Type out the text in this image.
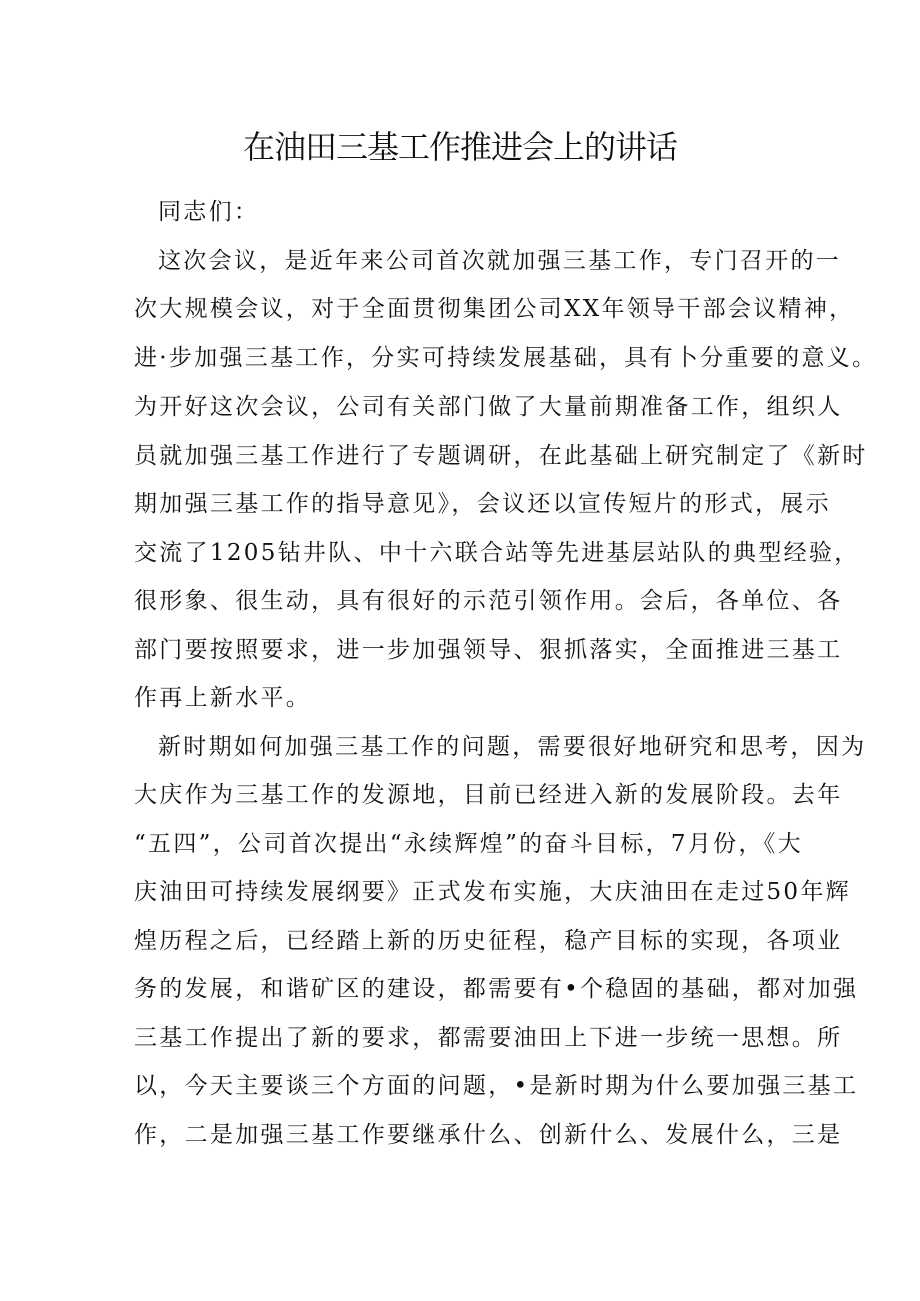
在油田三基工作推进会上的讲话
同志们：
这次会议，是近年来公司首次就加强三基工作，专门召开的一
次大规模会议，对于全面贯彻集团公司XX年领导干部会议精神，
进·步加强三基工作，分实可持续发展基础，具有卜分重要的意义。
为开好这次会议，公司有关部门做了大量前期准备工作，组织人
员就加强三基工作进行了专题调研，在此基础上研究制定了《新时
期加强三基工作的指导意见》，会议还以宣传短片的形式，展示
交流了1205钻井队、中十六联合站等先进基层站队的典型经验，
很形象、很生动，具有很好的示范引领作用。会后，各单位、各
部门要按照要求，进一步加强领导、狠抓落实，全面推进三基工
作再上新水平。
新时期如何加强三基工作的问题，需要很好地研究和思考，因为
大庆作为三基工作的发源地，目前已经进入新的发展阶段。去年
“五四”，公司首次提出“永续辉煌”的奋斗目标，7月份，《大
庆油田可持续发展纲要》正式发布实施，大庆油田在走过50年辉
煌历程之后，已经踏上新的历史征程，稳产目标的实现，各项业
务的发展，和谐矿区的建设，都需要有•个稳固的基础，都对加强
三基工作提出了新的要求，都需要油田上下进一步统一思想。所
以，今天主要谈三个方面的问题，•是新时期为什么要加强三基工
作，二是加强三基工作要继承什么、创新什么、发展什么，三是
